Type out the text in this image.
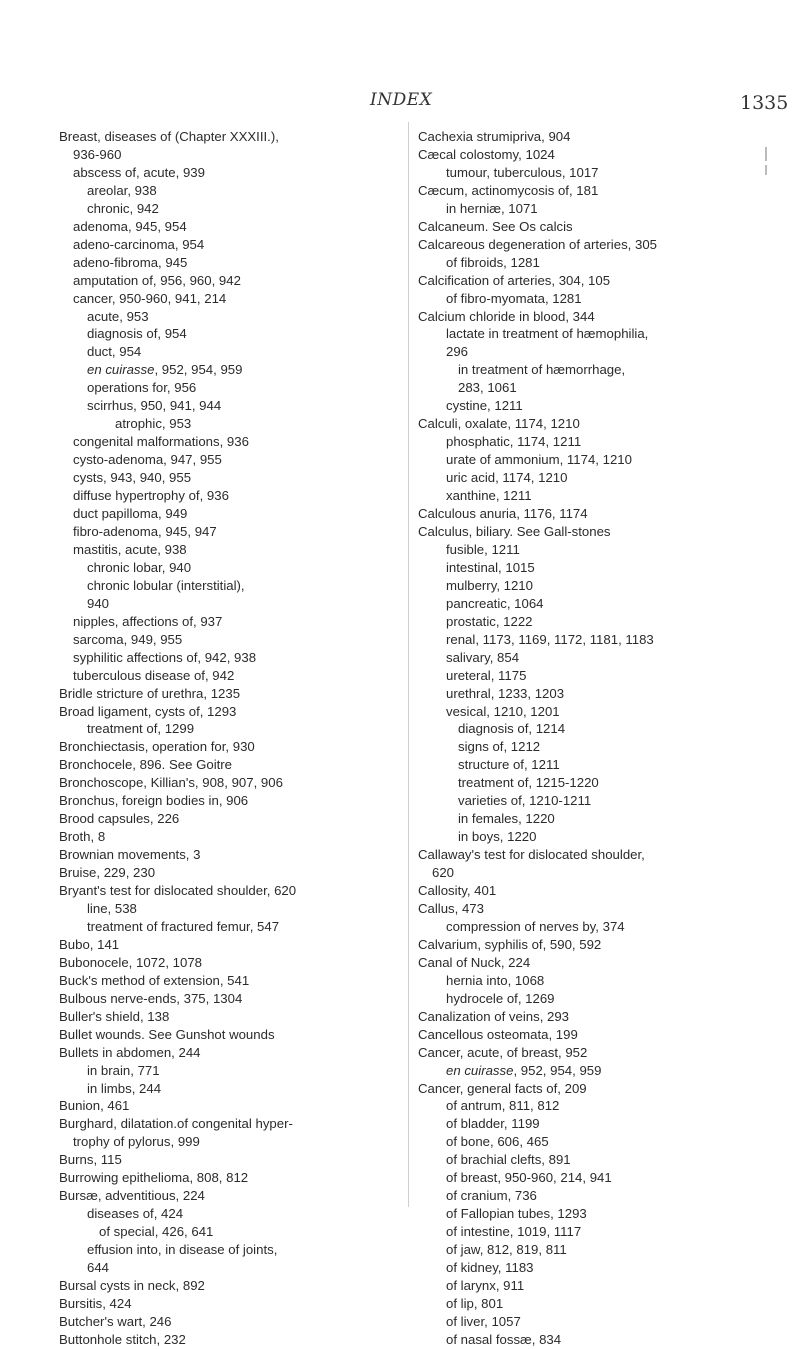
INDEX	1335
Breast, diseases of (Chapter XXXIII.),
936-960
abscess of, acute, 939
areolar, 938
chronic, 942
adenoma, 945, 954
adeno-carcinoma, 954
adeno-fibroma, 945
amputation of, 956, 960, 942
cancer, 950-960, 941, 214
acute, 953
diagnosis of, 954
duct, 954
en cuirasse, 952, 954, 959
operations for, 956
scirrhus, 950, 941, 944
atrophic, 953
congenital malformations, 936
cysto-adenoma, 947, 955
cysts, 943, 940, 955
diffuse hypertrophy of, 936
duct papilloma, 949
fibro-adenoma, 945, 947
mastitis, acute, 938
chronic lobar, 940
chronic lobular (interstitial),
940
nipples, affections of, 937
sarcoma, 949, 955
syphilitic affections of, 942, 938
tuberculous disease of, 942
Bridle stricture of urethra, 1235
Broad ligament, cysts of, 1293
treatment of, 1299
Bronchiectasis, operation for, 930
Bronchocele, 896. See Goitre
Bronchoscope, Killian's, 908, 907, 906
Bronchus, foreign bodies in, 906
Brood capsules, 226
Broth, 8
Brownian movements, 3
Bruise, 229, 230
Bryant's test for dislocated shoulder, 620
line, 538
treatment of fractured femur, 547
Bubo, 141
Bubonocele, 1072, 1078
Buck's method of extension, 541
Bulbous nerve-ends, 375, 1304
Buller's shield, 138
Bullet wounds. See Gunshot wounds
Bullets in abdomen, 244
in brain, 771
in limbs, 244
Bunion, 461
Burghard, dilatation.of congenital hyper-
trophy of pylorus, 999
Burns, 115
Burrowing epithelioma, 808, 812
Bursæ, adventitious, 224
diseases of, 424
of special, 426, 641
effusion into, in disease of joints,
644
Bursal cysts in neck, 892
Bursitis, 424
Butcher's wart, 246
Buttonhole stitch, 232
Cachexia strumipriva, 904
Cæcal colostomy, 1024
tumour, tuberculous, 1017
Cæcum, actinomycosis of, 181
in herniæ, 1071
Calcaneum. See Os calcis
Calcareous degeneration of arteries, 305
of fibroids, 1281
Calcification of arteries, 304, 105
of fibro-myomata, 1281
Calcium chloride in blood, 344
lactate in treatment of hæmophilia,
296
in treatment of hæmorrhage,
283, 1061
cystine, 1211
Calculi, oxalate, 1174, 1210
phosphatic, 1174, 1211
urate of ammonium, 1174, 1210
uric acid, 1174, 1210
xanthine, 1211
Calculous anuria, 1176, 1174
Calculus, biliary. See Gall-stones
fusible, 1211
intestinal, 1015
mulberry, 1210
pancreatic, 1064
prostatic, 1222
renal, 1173, 1169, 1172, 1181, 1183
salivary, 854
ureteral, 1175
urethral, 1233, 1203
vesical, 1210, 1201
diagnosis of, 1214
signs of, 1212
structure of, 1211
treatment of, 1215-1220
varieties of, 1210-1211
in females, 1220
in boys, 1220
Callaway's test for dislocated shoulder,
620
Callosity, 401
Callus, 473
compression of nerves by, 374
Calvarium, syphilis of, 590, 592
Canal of Nuck, 224
hernia into, 1068
hydrocele of, 1269
Canalization of veins, 293
Cancellous osteomata, 199
Cancer, acute, of breast, 952
en cuirasse, 952, 954, 959
Cancer, general facts of, 209
of antrum, 811, 812
of bladder, 1199
of bone, 606, 465
of brachial clefts, 891
of breast, 950-960, 214, 941
of cranium, 736
of Fallopian tubes, 1293
of intestine, 1019, 1117
of jaw, 812, 819, 811
of kidney, 1183
of larynx, 911
of lip, 801
of liver, 1057
of nasal fossæ, 834
